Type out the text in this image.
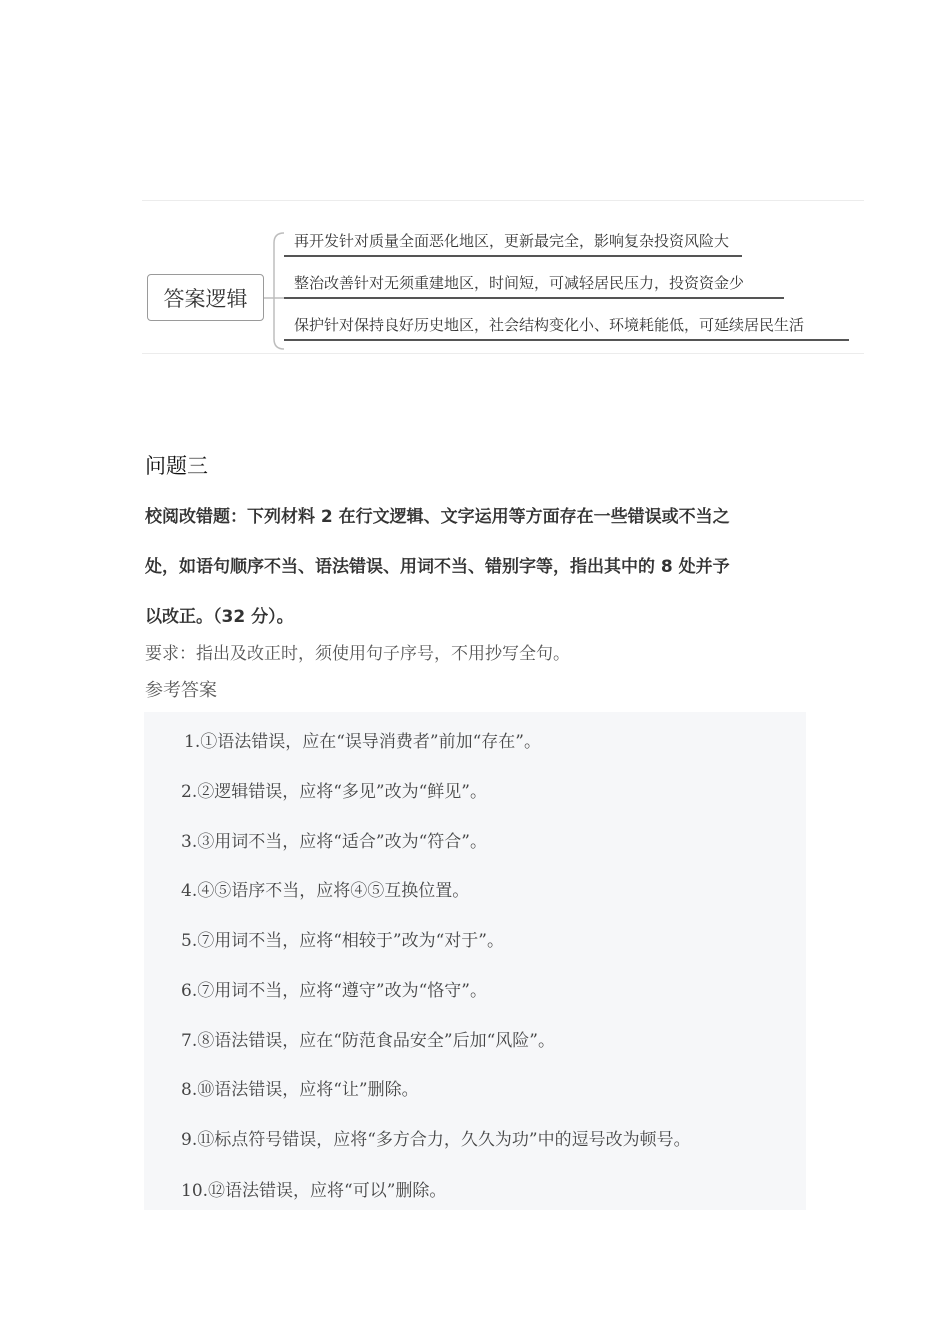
答案逻辑
再开发针对质量全面恶化地区，更新最完全，影响复杂投资风险大
整治改善针对无须重建地区，时间短，可减轻居民压力，投资资金少
保护针对保持良好历史地区，社会结构变化小、环境耗能低，可延续居民生活
问题三
校阅改错题：下列材料 2 在行文逻辑、文字运用等方面存在一些错误或不当之
处，如语句顺序不当、语法错误、用词不当、错别字等，指出其中的 8 处并予
以改正。（32 分）。
要求：指出及改正时，须使用句子序号，不用抄写全句。
参考答案
1.①语法错误，应在“误导消费者”前加“存在”。
2.②逻辑错误，应将“多见”改为“鲜见”。
3.③用词不当，应将“适合”改为“符合”。
4.④⑤语序不当，应将④⑤互换位置。
5.⑦用词不当，应将“相较于”改为“对于”。
6.⑦用词不当，应将“遵守”改为“恪守”。
7.⑧语法错误，应在“防范食品安全”后加“风险”。
8.⑩语法错误，应将“让”删除。
9.⑪标点符号错误，应将“多方合力，久久为功”中的逗号改为顿号。
10.⑫语法错误，应将“可以”删除。
